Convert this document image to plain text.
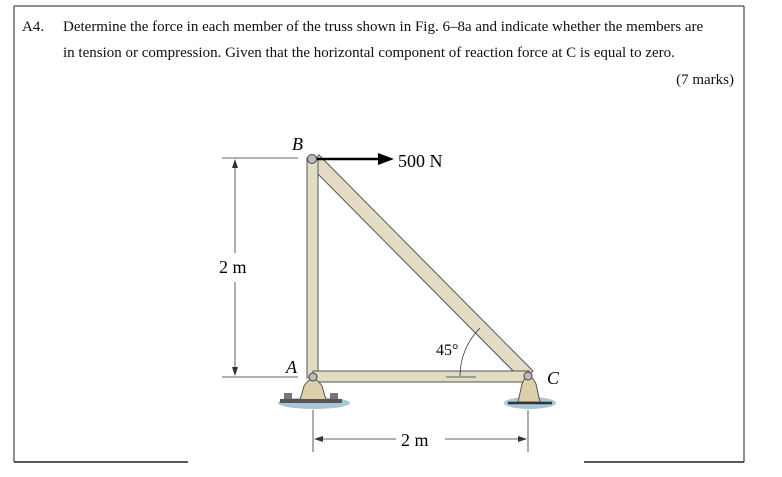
A4. Determine the force in each member of the truss shown in Fig. 6–8a and indicate whether the members are
in tension or compression. Given that the horizontal component of reaction force at C is equal to zero.
(7 marks)
B
A
C
500 N
2 m
2 m
45°
